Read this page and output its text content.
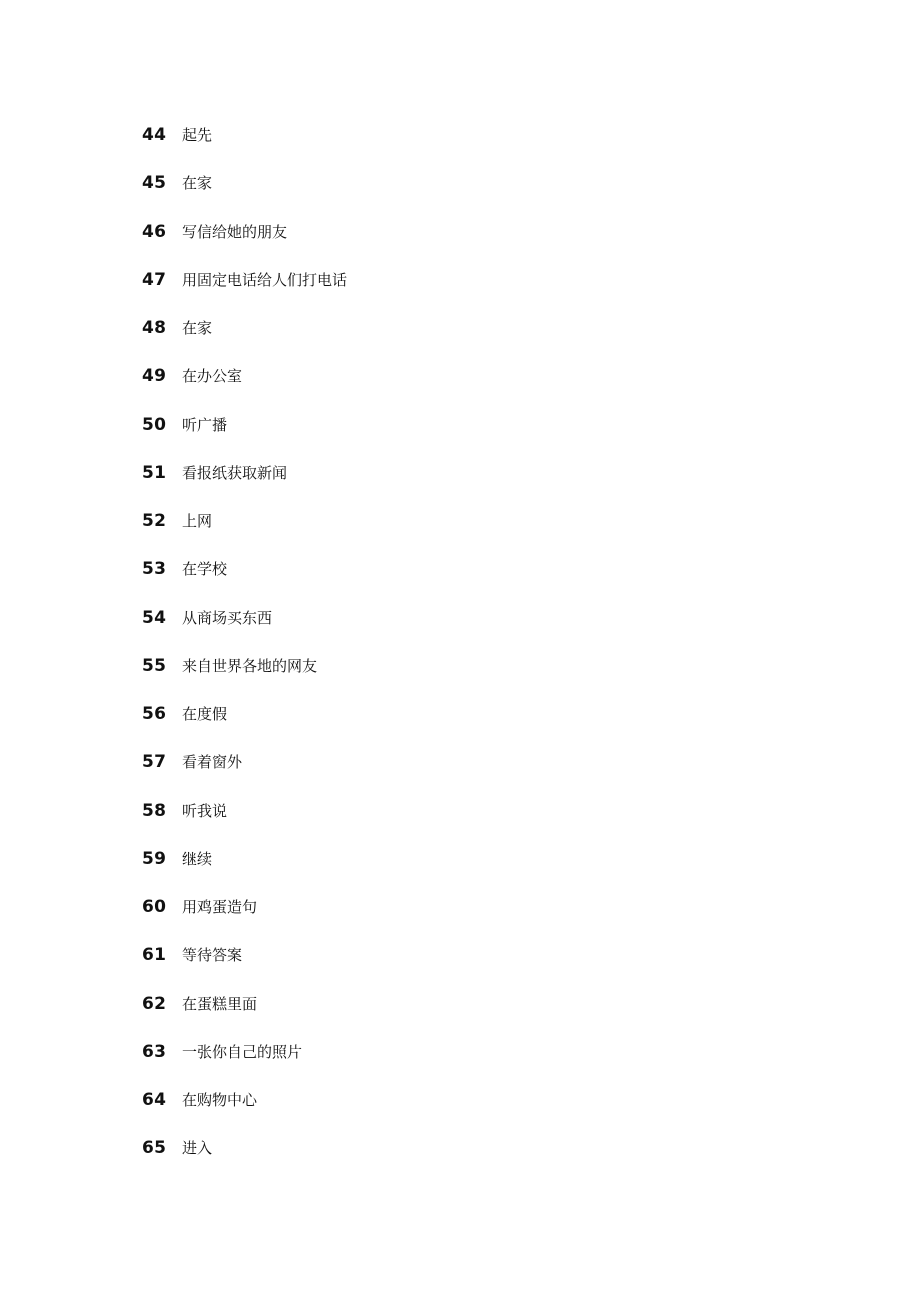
44	起先
45	在家
46	写信给她的朋友
47	用固定电话给人们打电话
48	在家
49	在办公室
50	听广播
51	看报纸获取新闻
52	上网
53	在学校
54	从商场买东西
55	来自世界各地的网友
56	在度假
57	看着窗外
58	听我说
59	继续
60	用鸡蛋造句
61	等待答案
62	在蛋糕里面
63	一张你自己的照片
64	在购物中心
65	进入
